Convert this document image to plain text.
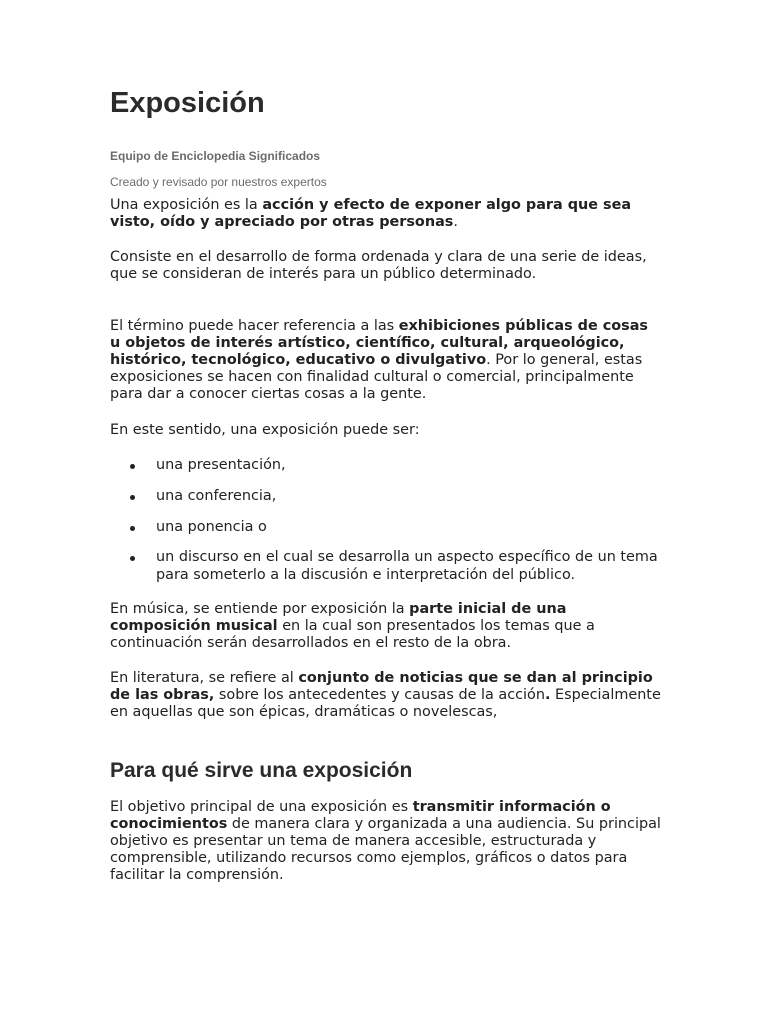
Exposición

Equipo de Enciclopedia Significados

Creado y revisado por nuestros expertos

Una exposición es la acción y efecto de exponer algo para que sea visto, oído y apreciado por otras personas.

Consiste en el desarrollo de forma ordenada y clara de una serie de ideas, que se consideran de interés para un público determinado.

El término puede hacer referencia a las exhibiciones públicas de cosas u objetos de interés artístico, científico, cultural, arqueológico, histórico, tecnológico, educativo o divulgativo. Por lo general, estas exposiciones se hacen con finalidad cultural o comercial, principalmente para dar a conocer ciertas cosas a la gente.

En este sentido, una exposición puede ser:

una presentación,
una conferencia,
una ponencia o
un discurso en el cual se desarrolla un aspecto específico de un tema para someterlo a la discusión e interpretación del público.

En música, se entiende por exposición la parte inicial de una composición musical en la cual son presentados los temas que a continuación serán desarrollados en el resto de la obra.

En literatura, se refiere al conjunto de noticias que se dan al principio de las obras, sobre los antecedentes y causas de la acción. Especialmente en aquellas que son épicas, dramáticas o novelescas,

Para qué sirve una exposición

El objetivo principal de una exposición es transmitir información o conocimientos de manera clara y organizada a una audiencia. Su principal objetivo es presentar un tema de manera accesible, estructurada y comprensible, utilizando recursos como ejemplos, gráficos o datos para facilitar la comprensión.
